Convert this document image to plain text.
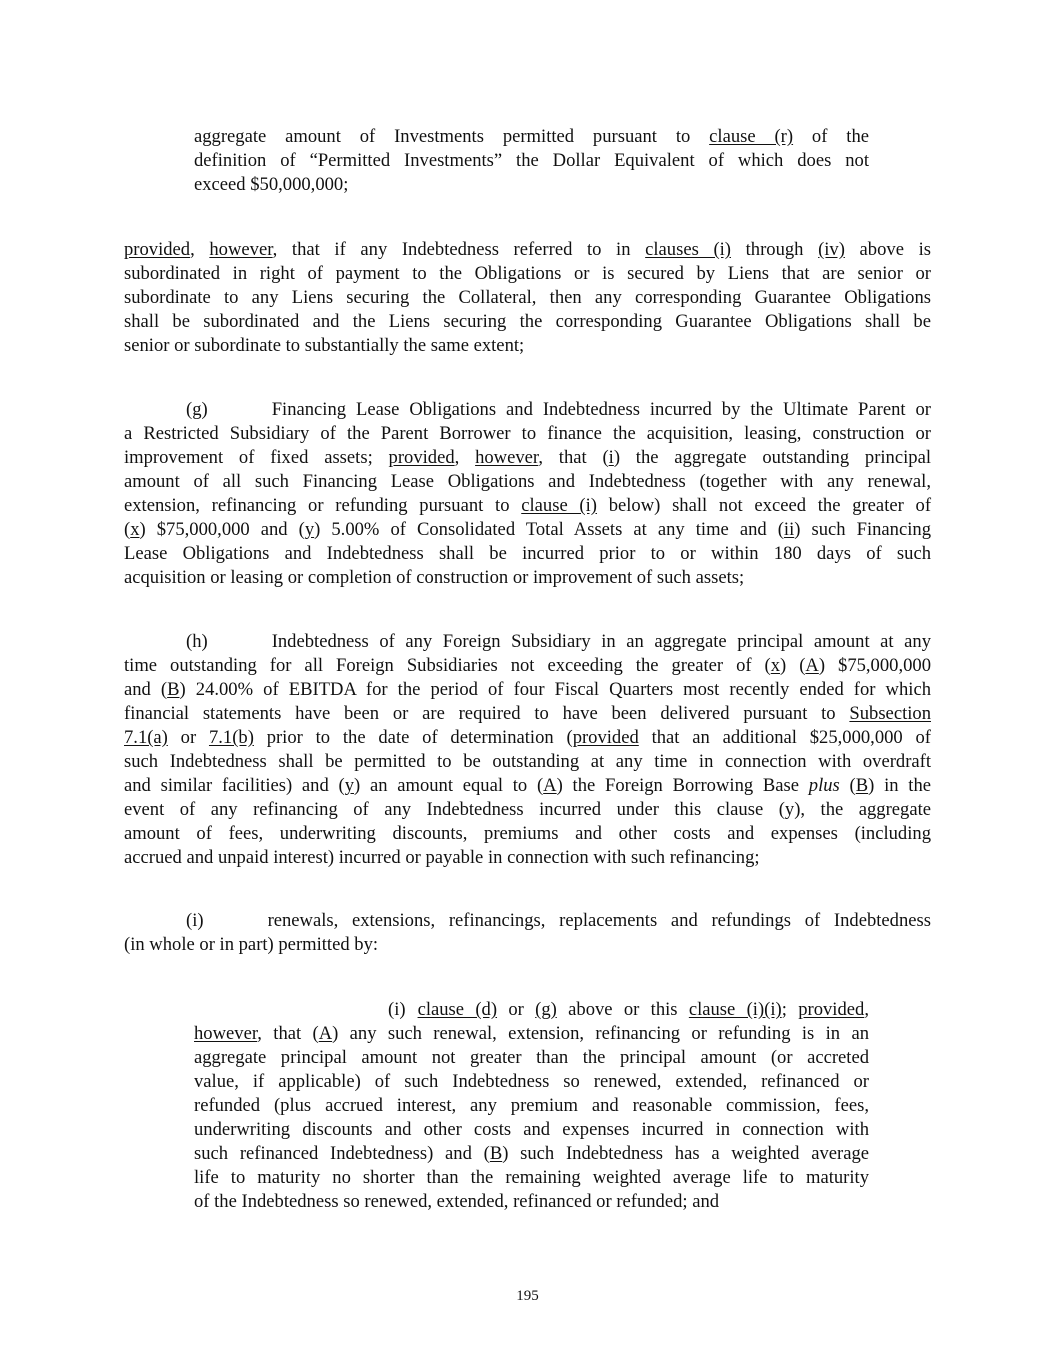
aggregate amount of Investments permitted pursuant to clause (r) of the
definition of “Permitted Investments” the Dollar Equivalent of which does not
exceed $50,000,000;
provided, however, that if any Indebtedness referred to in clauses (i) through (iv) above is
subordinated in right of payment to the Obligations or is secured by Liens that are senior or
subordinate to any Liens securing the Collateral, then any corresponding Guarantee Obligations
shall be subordinated and the Liens securing the corresponding Guarantee Obligations shall be
senior or subordinate to substantially the same extent;
(g)	Financing Lease Obligations and Indebtedness incurred by the Ultimate Parent or
a Restricted Subsidiary of the Parent Borrower to finance the acquisition, leasing, construction or
improvement of fixed assets; provided, however, that (i) the aggregate outstanding principal
amount of all such Financing Lease Obligations and Indebtedness (together with any renewal,
extension, refinancing or refunding pursuant to clause (i) below) shall not exceed the greater of
(x) $75,000,000 and (y) 5.00% of Consolidated Total Assets at any time and (ii) such Financing
Lease Obligations and Indebtedness shall be incurred prior to or within 180 days of such
acquisition or leasing or completion of construction or improvement of such assets;
(h)	Indebtedness of any Foreign Subsidiary in an aggregate principal amount at any
time outstanding for all Foreign Subsidiaries not exceeding the greater of (x) (A) $75,000,000
and (B) 24.00% of EBITDA for the period of four Fiscal Quarters most recently ended for which
financial statements have been or are required to have been delivered pursuant to Subsection
7.1(a) or 7.1(b) prior to the date of determination (provided that an additional $25,000,000 of
such Indebtedness shall be permitted to be outstanding at any time in connection with overdraft
and similar facilities) and (y) an amount equal to (A) the Foreign Borrowing Base plus (B) in the
event of any refinancing of any Indebtedness incurred under this clause (y), the aggregate
amount of fees, underwriting discounts, premiums and other costs and expenses (including
accrued and unpaid interest) incurred or payable in connection with such refinancing;
(i)	renewals, extensions, refinancings, replacements and refundings of Indebtedness
(in whole or in part) permitted by:
(i) clause (d) or (g) above or this clause (i)(i); provided,
however, that (A) any such renewal, extension, refinancing or refunding is in an
aggregate principal amount not greater than the principal amount (or accreted
value, if applicable) of such Indebtedness so renewed, extended, refinanced or
refunded (plus accrued interest, any premium and reasonable commission, fees,
underwriting discounts and other costs and expenses incurred in connection with
such refinanced Indebtedness) and (B) such Indebtedness has a weighted average
life to maturity no shorter than the remaining weighted average life to maturity
of the Indebtedness so renewed, extended, refinanced or refunded; and
195
